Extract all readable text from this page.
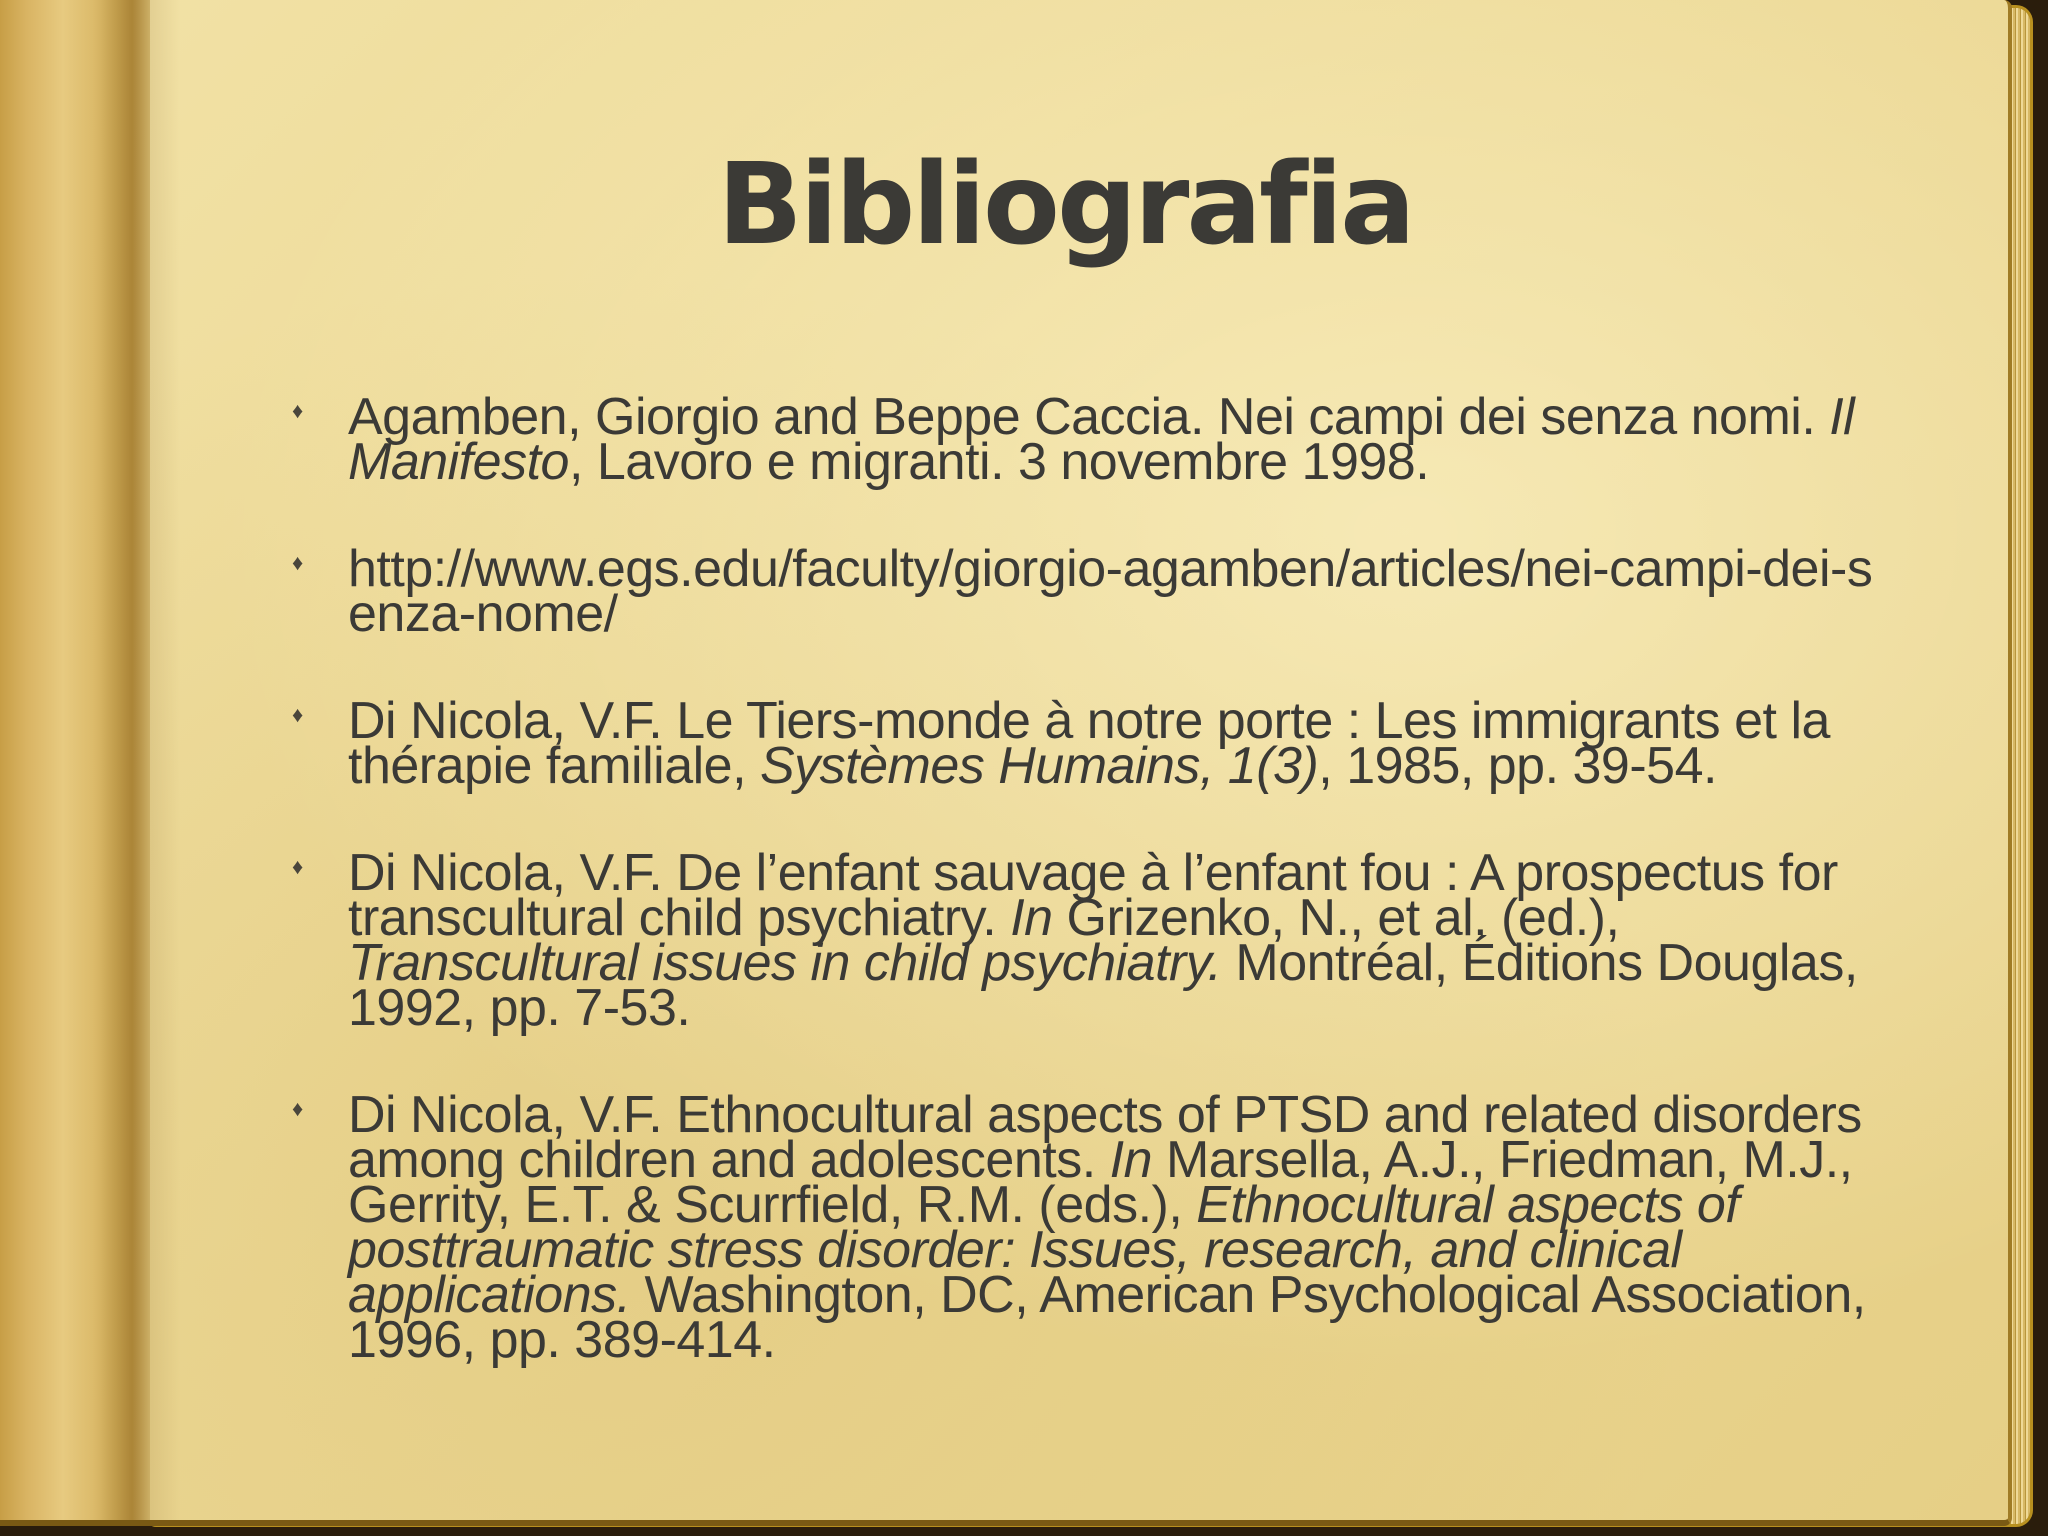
Bibliografia
♦ Agamben, Giorgio and Beppe Caccia. Nei campi dei senza nomi. Il Manifesto, Lavoro e migranti. 3 novembre 1998.
♦ http://www.egs.edu/faculty/giorgio-agamben/articles/nei-campi-dei-senza-nome/
♦ Di Nicola, V.F. Le Tiers-monde à notre porte : Les immigrants et la thérapie familiale, Systèmes Humains, 1(3), 1985, pp. 39-54.
♦ Di Nicola, V.F. De l’enfant sauvage à l’enfant fou : A prospectus for transcultural child psychiatry. In Grizenko, N., et al. (ed.), Transcultural issues in child psychiatry. Montréal, Éditions Douglas, 1992, pp. 7-53.
♦ Di Nicola, V.F. Ethnocultural aspects of PTSD and related disorders among children and adolescents. In Marsella, A.J., Friedman, M.J., Gerrity, E.T. & Scurrfield, R.M. (eds.), Ethnocultural aspects of posttraumatic stress disorder: Issues, research, and clinical applications. Washington, DC, American Psychological Association, 1996, pp. 389-414.
